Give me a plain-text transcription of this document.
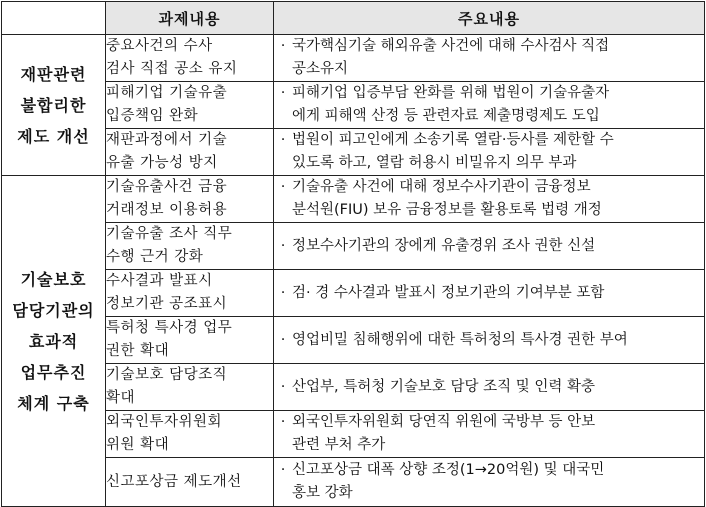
	과제내용	주요내용

재판관련
불합리한
제도 개선	중요사건의 수사
검사 직접 공소 유지	· 국가핵심기술 해외유출 사건에 대해 수사검사 직접
공소유지

	피해기업 기술유출
입증책임 완화	· 피해기업 입증부담 완화를 위해 법원이 기술유출자
에게 피해액 산정 등 관련자료 제출명령제도 도입

	재판과정에서 기술
유출 가능성 방지	· 법원이 피고인에게 소송기록 열람·등사를 제한할 수
있도록 하고, 열람 허용시 비밀유지 의무 부과

기술보호
담당기관의
효과적
업무추진
체계 구축	기술유출사건 금융
거래정보 이용허용	· 기술유출 사건에 대해 정보수사기관이 금융정보
분석원(FIU) 보유 금융정보를 활용토록 법령 개정

	기술유출 조사 직무
수행 근거 강화	· 정보수사기관의 장에게 유출경위 조사 권한 신설

	수사결과 발표시
정보기관 공조표시	· 검· 경 수사결과 발표시 정보기관의 기여부분 포함

	특허청 특사경 업무
권한 확대	· 영업비밀 침해행위에 대한 특허청의 특사경 권한 부여

	기술보호 담당조직
확대	· 산업부, 특허청 기술보호 담당 조직 및 인력 확충

	외국인투자위원회
위원 확대	· 외국인투자위원회 당연직 위원에 국방부 등 안보
관련 부처 추가

	신고포상금 제도개선	· 신고포상금 대폭 상향 조정(1→20억원) 및 대국민
홍보 강화
